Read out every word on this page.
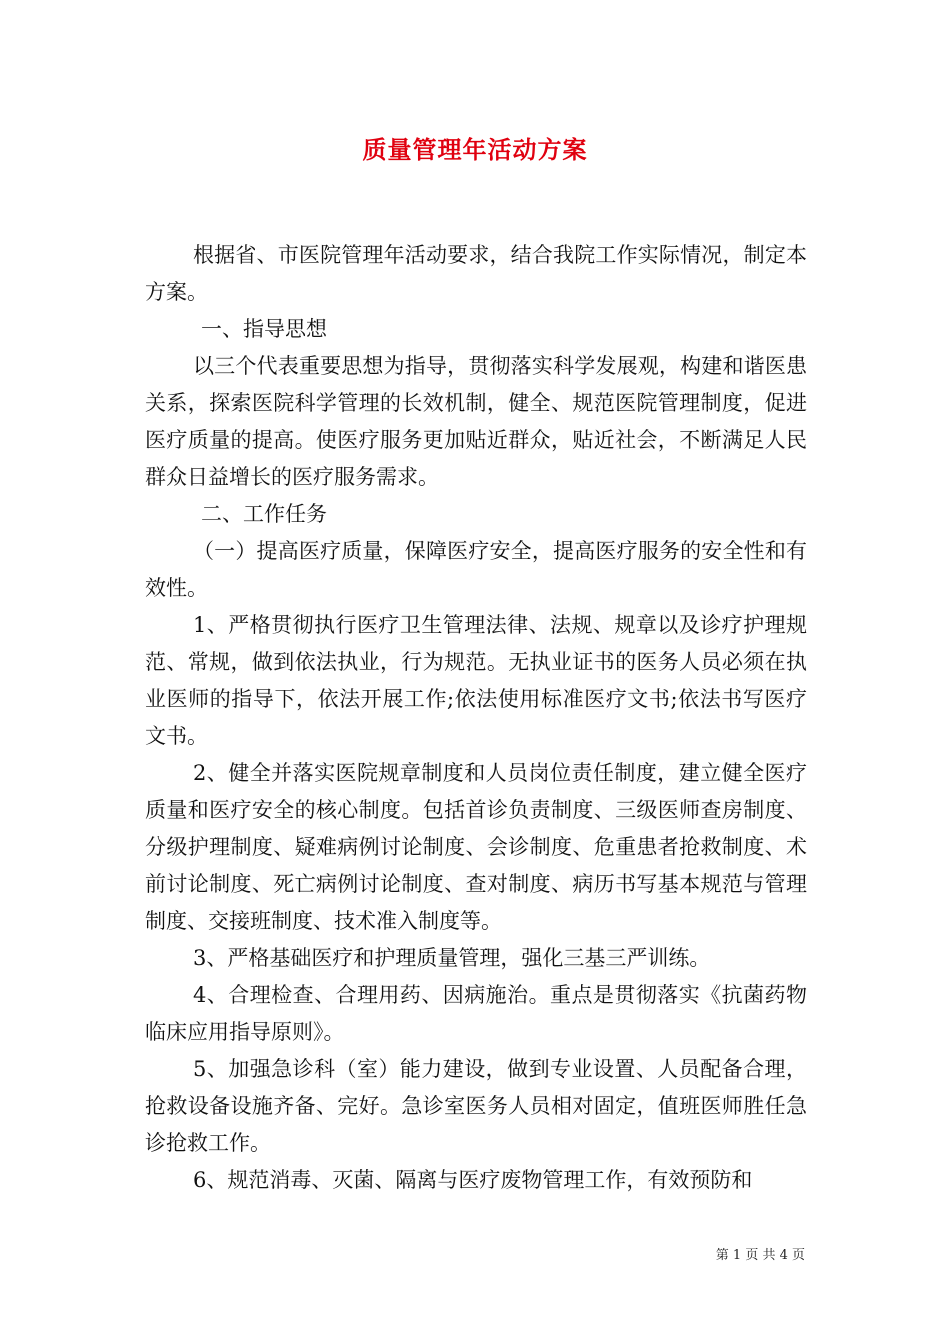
质量管理年活动方案

根据省、市医院管理年活动要求，结合我院工作实际情况，制定本方案。

一、指导思想

以三个代表重要思想为指导，贯彻落实科学发展观，构建和谐医患关系，探索医院科学管理的长效机制，健全、规范医院管理制度，促进医疗质量的提高。使医疗服务更加贴近群众，贴近社会，不断满足人民群众日益增长的医疗服务需求。

二、工作任务

（一）提高医疗质量，保障医疗安全，提高医疗服务的安全性和有效性。

1、严格贯彻执行医疗卫生管理法律、法规、规章以及诊疗护理规范、常规，做到依法执业，行为规范。无执业证书的医务人员必须在执业医师的指导下，依法开展工作;依法使用标准医疗文书;依法书写医疗文书。

2、健全并落实医院规章制度和人员岗位责任制度，建立健全医疗质量和医疗安全的核心制度。包括首诊负责制度、三级医师查房制度、分级护理制度、疑难病例讨论制度、会诊制度、危重患者抢救制度、术前讨论制度、死亡病例讨论制度、查对制度、病历书写基本规范与管理制度、交接班制度、技术准入制度等。

3、严格基础医疗和护理质量管理，强化三基三严训练。

4、合理检查、合理用药、因病施治。重点是贯彻落实《抗菌药物临床应用指导原则》。

5、加强急诊科（室）能力建设，做到专业设置、人员配备合理，抢救设备设施齐备、完好。急诊室医务人员相对固定，值班医师胜任急诊抢救工作。

6、规范消毒、灭菌、隔离与医疗废物管理工作，有效预防和

第 1 页 共 4 页
